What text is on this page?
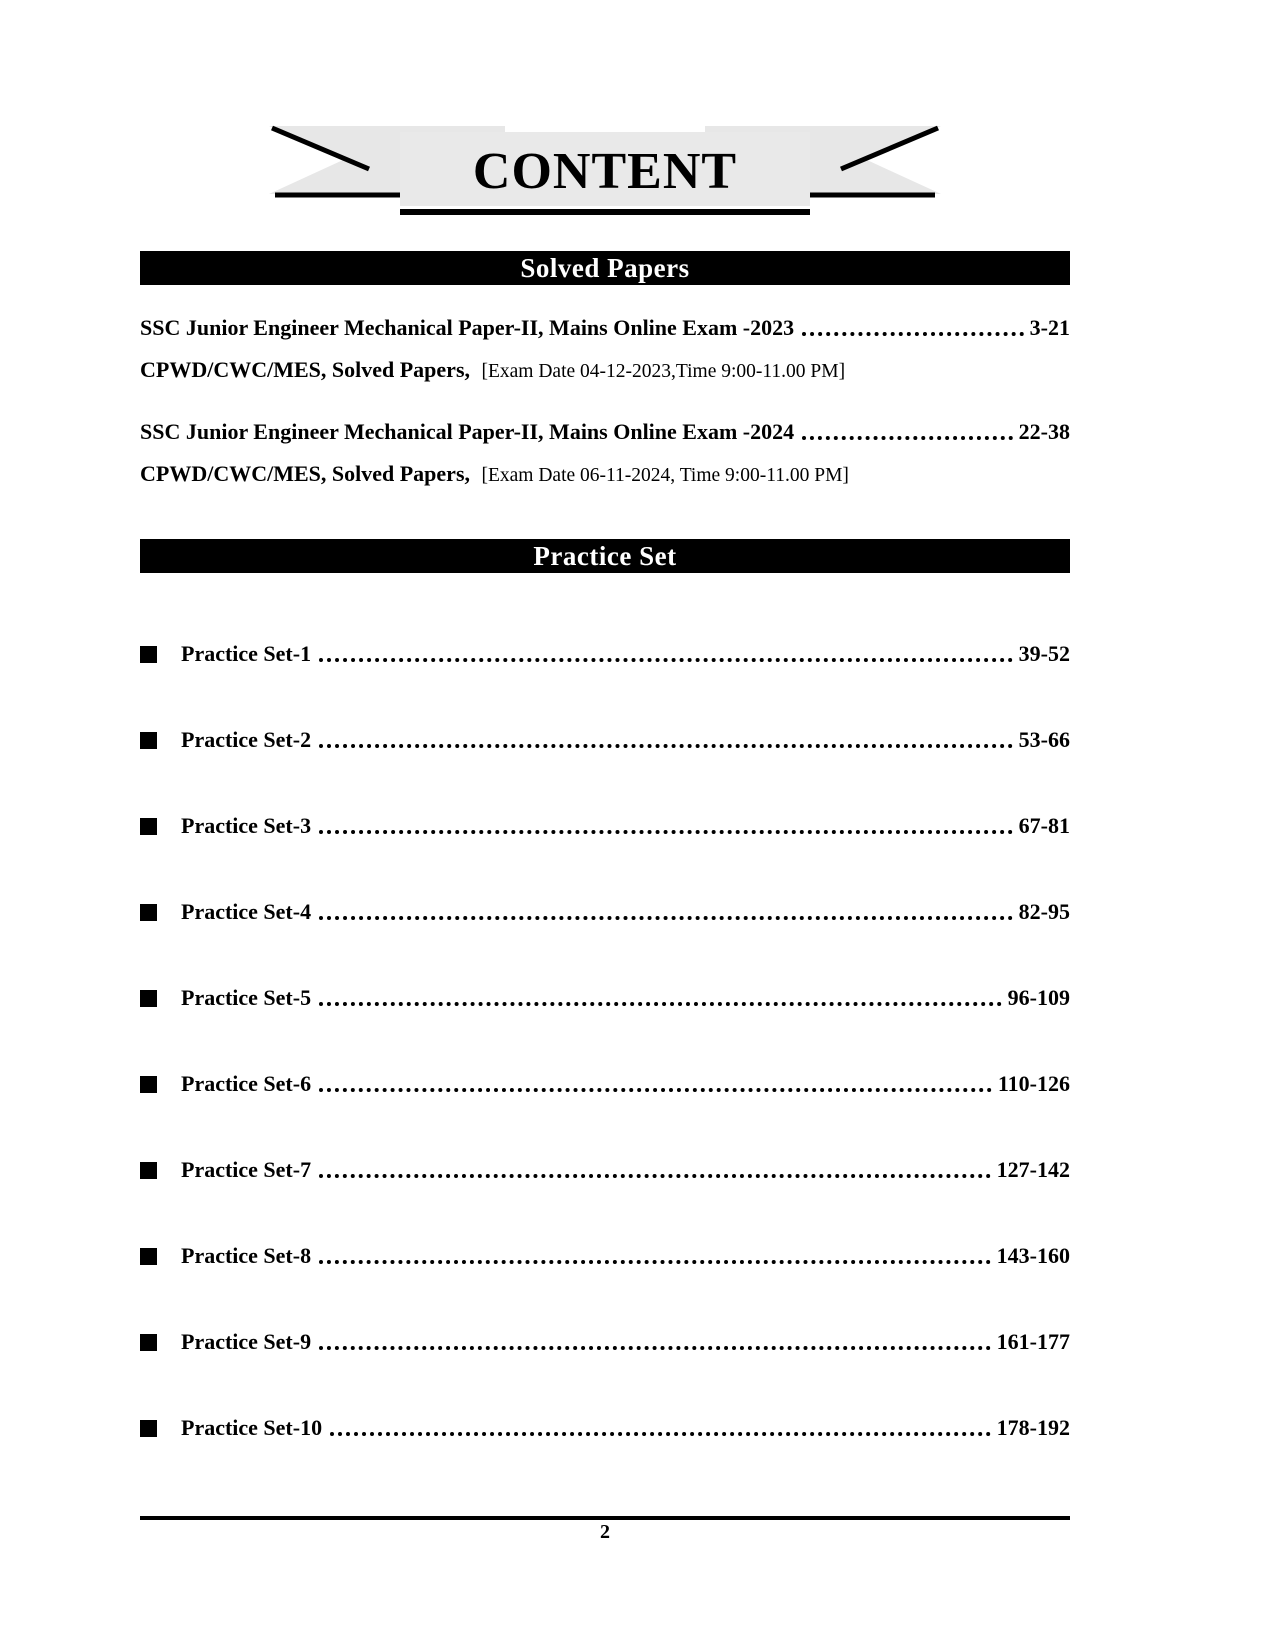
CONTENT
Solved Papers
SSC Junior Engineer Mechanical Paper-II, Mains Online Exam -2023	3-21
CPWD/CWC/MES, Solved Papers, [Exam Date 04-12-2023,Time 9:00-11.00 PM]
SSC Junior Engineer Mechanical Paper-II, Mains Online Exam -2024	22-38
CPWD/CWC/MES, Solved Papers, [Exam Date 06-11-2024, Time 9:00-11.00 PM]
Practice Set
Practice Set-1	39-52
Practice Set-2	53-66
Practice Set-3	67-81
Practice Set-4	82-95
Practice Set-5	96-109
Practice Set-6	110-126
Practice Set-7	127-142
Practice Set-8	143-160
Practice Set-9	161-177
Practice Set-10	178-192
2
